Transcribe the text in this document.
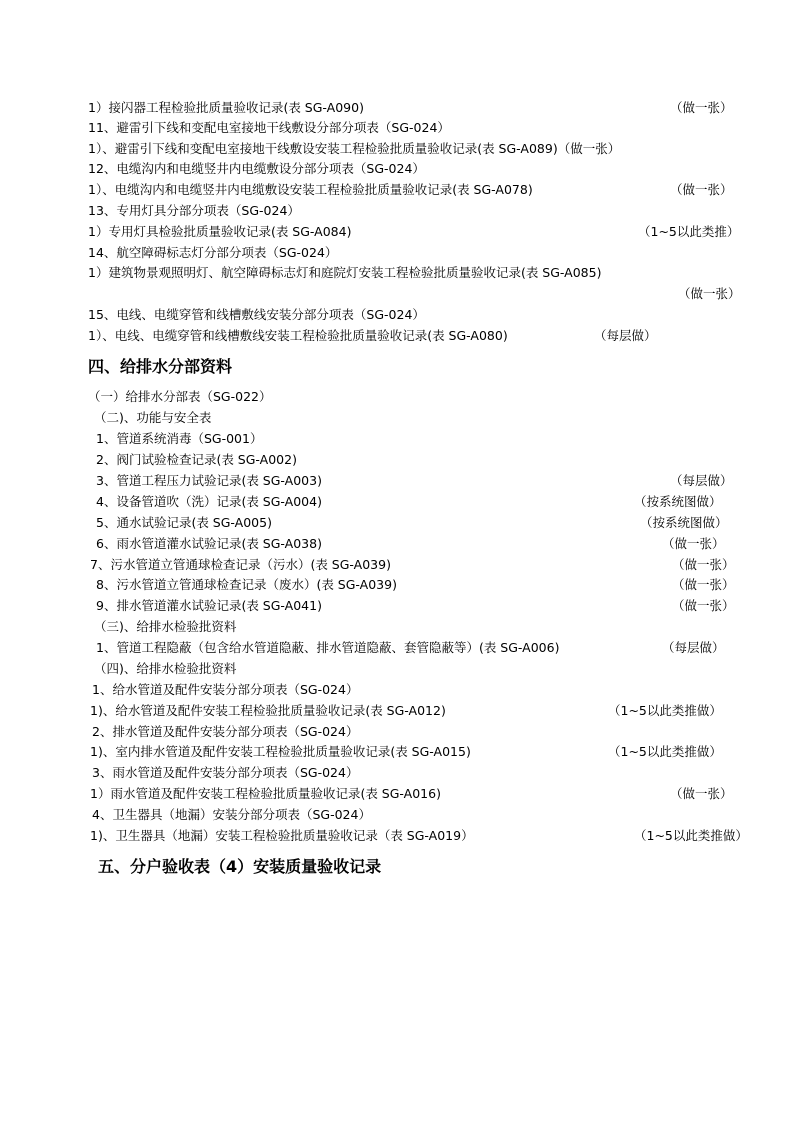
1）接闪器工程检验批质量验收记录(表 SG-A090)	（做一张）
11、避雷引下线和变配电室接地干线敷设分部分项表（SG-024）
1）、避雷引下线和变配电室接地干线敷设安装工程检验批质量验收记录(表 SG-A089)（做一张）
12、电缆沟内和电缆竖井内电缆敷设分部分项表（SG-024）
1）、电缆沟内和电缆竖井内电缆敷设安装工程检验批质量验收记录(表 SG-A078)	（做一张）
13、专用灯具分部分项表（SG-024）
1）专用灯具检验批质量验收记录(表 SG-A084)	（1~5以此类推）
14、航空障碍标志灯分部分项表（SG-024）
1）建筑物景观照明灯、航空障碍标志灯和庭院灯安装工程检验批质量验收记录(表 SG-A085)
（做一张）
15、电线、电缆穿管和线槽敷线安装分部分项表（SG-024）
1）、电线、电缆穿管和线槽敷线安装工程检验批质量验收记录(表 SG-A080)	（每层做）
四、给排水分部资料
（一）给排水分部表（SG-022）
（二)、功能与安全表
1、管道系统消毒（SG-001）
2、阀门试验检查记录(表 SG-A002)
3、管道工程压力试验记录(表 SG-A003)	（每层做）
4、设备管道吹（洗）记录(表 SG-A004)	（按系统图做）
5、通水试验记录(表 SG-A005)	（按系统图做）
6、雨水管道灌水试验记录(表 SG-A038)	（做一张）
7、污水管道立管通球检查记录（污水）(表 SG-A039)	（做一张）
8、污水管道立管通球检查记录（废水）(表 SG-A039)	（做一张）
9、排水管道灌水试验记录(表 SG-A041)	（做一张）
（三)、给排水检验批资料
1、管道工程隐蔽（包含给水管道隐蔽、排水管道隐蔽、套管隐蔽等）(表 SG-A006)	（每层做）
（四)、给排水检验批资料
1、给水管道及配件安装分部分项表（SG-024）
1)、给水管道及配件安装工程检验批质量验收记录(表 SG-A012)	（1~5以此类推做）
2、排水管道及配件安装分部分项表（SG-024）
1)、室内排水管道及配件安装工程检验批质量验收记录(表 SG-A015)	（1~5以此类推做）
3、雨水管道及配件安装分部分项表（SG-024）
1）雨水管道及配件安装工程检验批质量验收记录(表 SG-A016)	（做一张）
4、卫生器具（地漏）安装分部分项表（SG-024）
1)、卫生器具（地漏）安装工程检验批质量验收记录（表 SG-A019）	（1~5以此类推做）
五、分户验收表（4）安装质量验收记录
